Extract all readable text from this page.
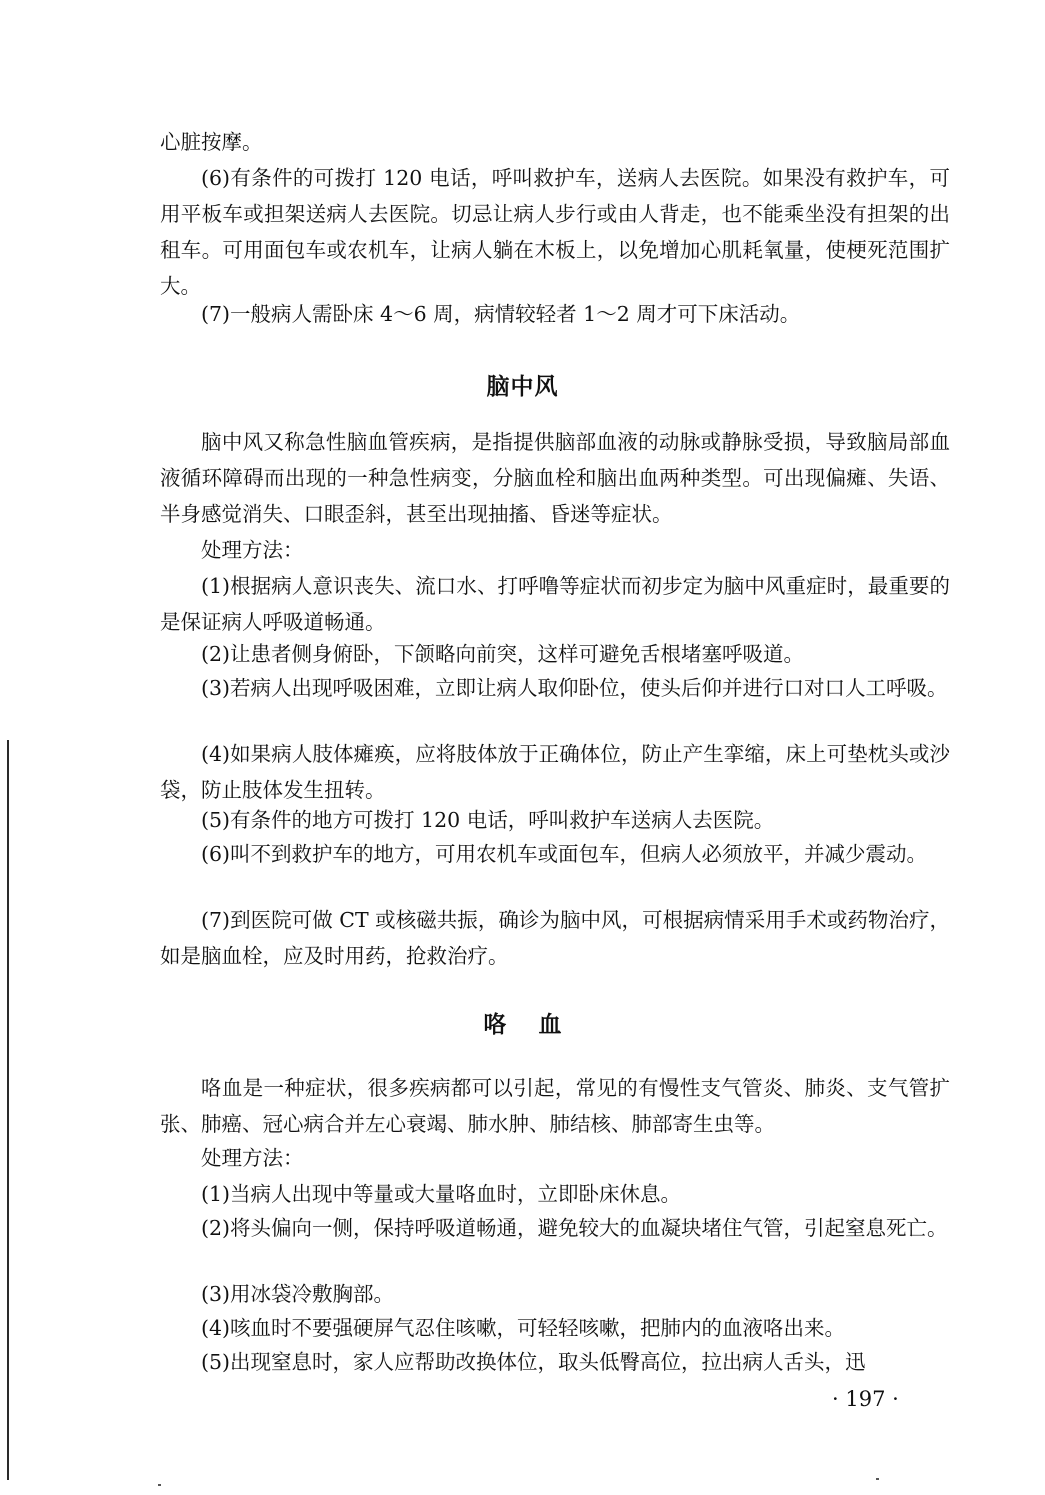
心脏按摩。
(6)有条件的可拨打 120 电话，呼叫救护车，送病人去医院。如果没有救护车，可用平板车或担架送病人去医院。切忌让病人步行或由人背走，也不能乘坐没有担架的出租车。可用面包车或农机车，让病人躺在木板上，以免增加心肌耗氧量，使梗死范围扩大。
(7)一般病人需卧床 4～6 周，病情较轻者 1～2 周才可下床活动。
脑中风
脑中风又称急性脑血管疾病，是指提供脑部血液的动脉或静脉受损，导致脑局部血液循环障碍而出现的一种急性病变，分脑血栓和脑出血两种类型。可出现偏瘫、失语、半身感觉消失、口眼歪斜，甚至出现抽搐、昏迷等症状。
处理方法：
(1)根据病人意识丧失、流口水、打呼噜等症状而初步定为脑中风重症时，最重要的是保证病人呼吸道畅通。
(2)让患者侧身俯卧，下颌略向前突，这样可避免舌根堵塞呼吸道。
(3)若病人出现呼吸困难，立即让病人取仰卧位，使头后仰并进行口对口人工呼吸。
(4)如果病人肢体瘫痪，应将肢体放于正确体位，防止产生挛缩，床上可垫枕头或沙袋，防止肢体发生扭转。
(5)有条件的地方可拨打 120 电话，呼叫救护车送病人去医院。
(6)叫不到救护车的地方，可用农机车或面包车，但病人必须放平，并减少震动。
(7)到医院可做 CT 或核磁共振，确诊为脑中风，可根据病情采用手术或药物治疗，如是脑血栓，应及时用药，抢救治疗。
咯血
咯血是一种症状，很多疾病都可以引起，常见的有慢性支气管炎、肺炎、支气管扩张、肺癌、冠心病合并左心衰竭、肺水肿、肺结核、肺部寄生虫等。
处理方法：
(1)当病人出现中等量或大量咯血时，立即卧床休息。
(2)将头偏向一侧，保持呼吸道畅通，避免较大的血凝块堵住气管，引起窒息死亡。
(3)用冰袋冷敷胸部。
(4)咳血时不要强硬屏气忍住咳嗽，可轻轻咳嗽，把肺内的血液咯出来。
(5)出现窒息时，家人应帮助改换体位，取头低臀高位，拉出病人舌头，迅
· 197 ·
